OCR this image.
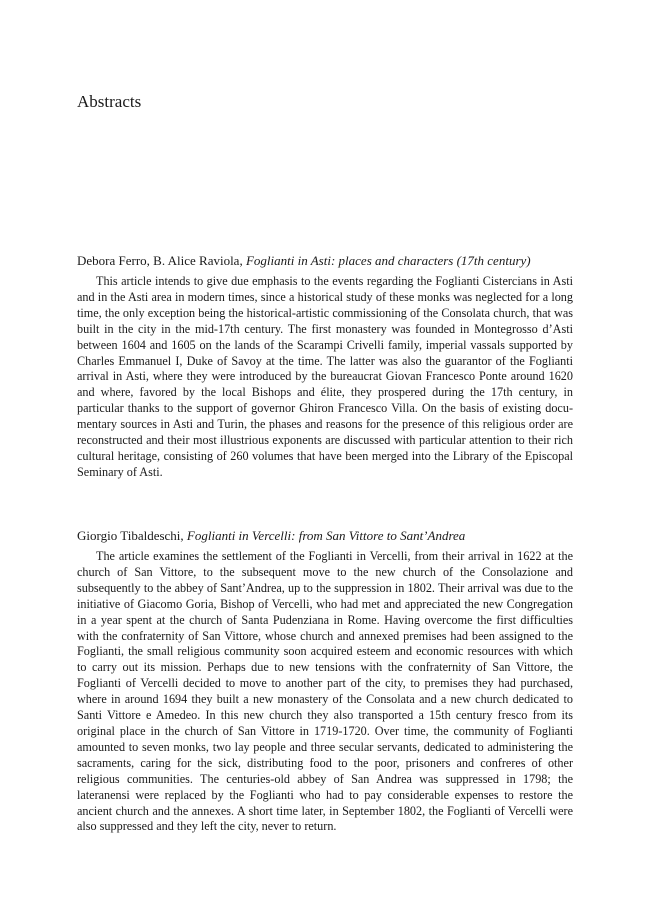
Abstracts

Debora Ferro, B. Alice Raviola, Foglianti in Asti: places and characters (17th century)

This article intends to give due emphasis to the events regarding the Foglianti Cistercians in Asti and in the Asti area in modern times, since a historical study of these monks was neglected for a long time, the only exception being the historical-artistic commissioning of the Consolata church, that was built in the city in the mid-17th century. The first monastery was founded in Montegrosso d’Asti between 1604 and 1605 on the lands of the Scarampi Crivelli family, imperial vassals supported by Charles Emmanuel I, Duke of Savoy at the time. The latter was also the guarantor of the Foglianti arrival in Asti, where they were introduced by the bureaucrat Giovan Francesco Ponte around 1620 and where, favored by the local Bishops and élite, they prospered during the 17th century, in particular thanks to the support of governor Ghiron Francesco Villa. On the basis of existing documentary sources in Asti and Turin, the phases and reasons for the presence of this religious order are reconstructed and their most illustrious exponents are discussed with particular attention to their rich cultural heritage, consisting of 260 volumes that have been merged into the Library of the Episcopal Seminary of Asti.

Giorgio Tibaldeschi, Foglianti in Vercelli: from San Vittore to Sant’Andrea

The article examines the settlement of the Foglianti in Vercelli, from their arrival in 1622 at the church of San Vittore, to the subsequent move to the new church of the Consolazione and subsequently to the abbey of Sant’Andrea, up to the suppression in 1802. Their arrival was due to the initiative of Giacomo Goria, Bishop of Vercelli, who had met and appreciated the new Congregation in a year spent at the church of Santa Pudenziana in Rome. Having overcome the first difficulties with the confraternity of San Vittore, whose church and annexed premises had been assigned to the Foglianti, the small religious community soon acquired esteem and economic resources with which to carry out its mission. Perhaps due to new tensions with the confraternity of San Vittore, the Foglianti of Vercelli decided to move to another part of the city, to premises they had purchased, where in around 1694 they built a new monastery of the Consolata and a new church dedicated to Santi Vittore e Amedeo. In this new church they also transported a 15th century fresco from its original place in the church of San Vittore in 1719-1720. Over time, the community of Foglianti amounted to seven monks, two lay people and three secular servants, dedicated to administering the sacraments, caring for the sick, distributing food to the poor, prisoners and confreres of other religious communities. The centuries-old abbey of San Andrea was suppressed in 1798; the lateranensi were replaced by the Foglianti who had to pay considerable expenses to restore the ancient church and the annexes. A short time later, in September 1802, the Foglianti of Vercelli were also suppressed and they left the city, never to return.
